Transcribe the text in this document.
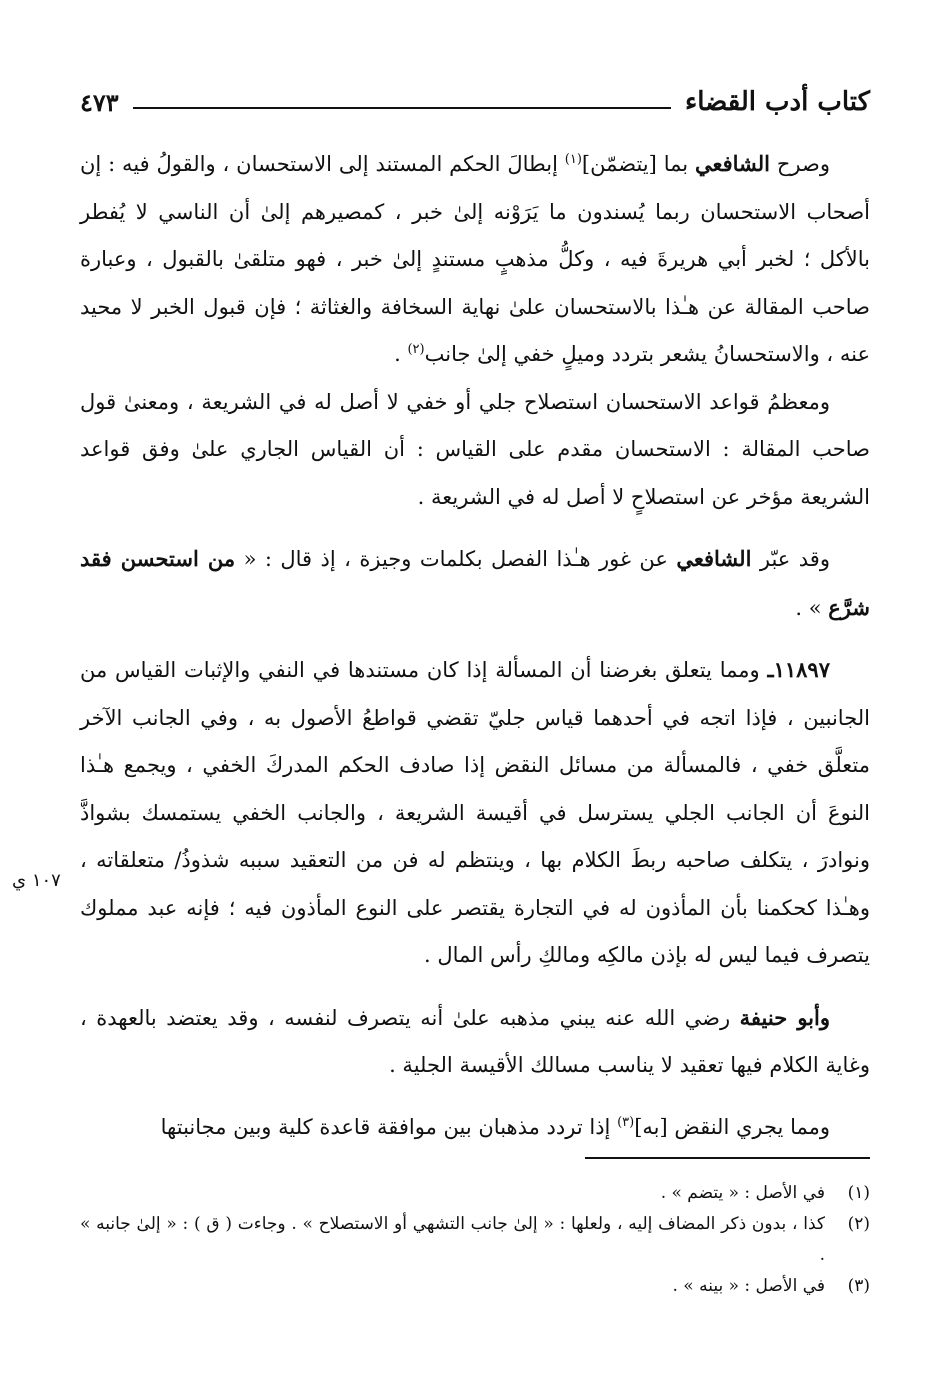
كتاب أدب القضاء
٤٧٣
١٠٧ ي

وصرح الشافعي بما [يتضمّن]$^{(١)}$ إبطالَ الحكم المستند إلى الاستحسان ، والقولُ فيه : إن أصحاب الاستحسان ربما يُسندون ما يَرَوْنه إلىٰ خبر ، كمصيرهم إلىٰ أن الناسي لا يُفطر بالأكل ؛ لخبر أبي هريرةَ فيه ، وكلُّ مذهبٍ مستندٍ إلىٰ خبر ، فهو متلقىٰ بالقبول ، وعبارة صاحب المقالة عن هـٰذا بالاستحسان علىٰ نهاية السخافة والغثاثة ؛ فإن قبول الخبر لا محيد عنه ، والاستحسانُ يشعر بتردد وميلٍ خفي إلىٰ جانب$^{(٢)}$ .

ومعظمُ قواعد الاستحسان استصلاح جلي أو خفي لا أصل له في الشريعة ، ومعنىٰ قول صاحب المقالة : الاستحسان مقدم على القياس : أن القياس الجاري علىٰ وفق قواعد الشريعة مؤخر عن استصلاحٍ لا أصل له في الشريعة .

وقد عبّر الشافعي عن غور هـٰذا الفصل بكلمات وجيزة ، إذ قال : « من استحسن فقد شرَّع » .

١١٨٩٧ـ ومما يتعلق بغرضنا أن المسألة إذا كان مستندها في النفي والإثبات القياس من الجانبين ، فإذا اتجه في أحدهما قياس جليّ تقضي قواطعُ الأصول به ، وفي الجانب الآخر متعلَّق خفي ، فالمسألة من مسائل النقض إذا صادف الحكم المدركَ الخفي ، ويجمع هـٰذا النوعَ أن الجانب الجلي يسترسل في أقيسة الشريعة ، والجانب الخفي يستمسك بشواذَّ ونوادرَ ، يتكلف صاحبه ربطَ الكلام بها ، وينتظم له فن من التعقيد سببه شذوذُ/ متعلقاته ، وهـٰذا كحكمنا بأن المأذون له في التجارة يقتصر على النوع المأذون فيه ؛ فإنه عبد مملوك يتصرف فيما ليس له بإذن مالكِه ومالكِ رأس المال .

وأبو حنيفة رضي الله عنه يبني مذهبه علىٰ أنه يتصرف لنفسه ، وقد يعتضد بالعهدة ، وغاية الكلام فيها تعقيد لا يناسب مسالك الأقيسة الجلية .

ومما يجري النقض [به]$^{(٣)}$ إذا تردد مذهبان بين موافقة قاعدة كلية وبين مجانبتها

(١)
في الأصل : « يتضم » .
(٢)
كذا ، بدون ذكر المضاف إليه ، ولعلها : « إلىٰ جانب التشهي أو الاستصلاح » . وجاءت ( ق ) : « إلىٰ جانبه » .
(٣)
في الأصل : « بينه » .
